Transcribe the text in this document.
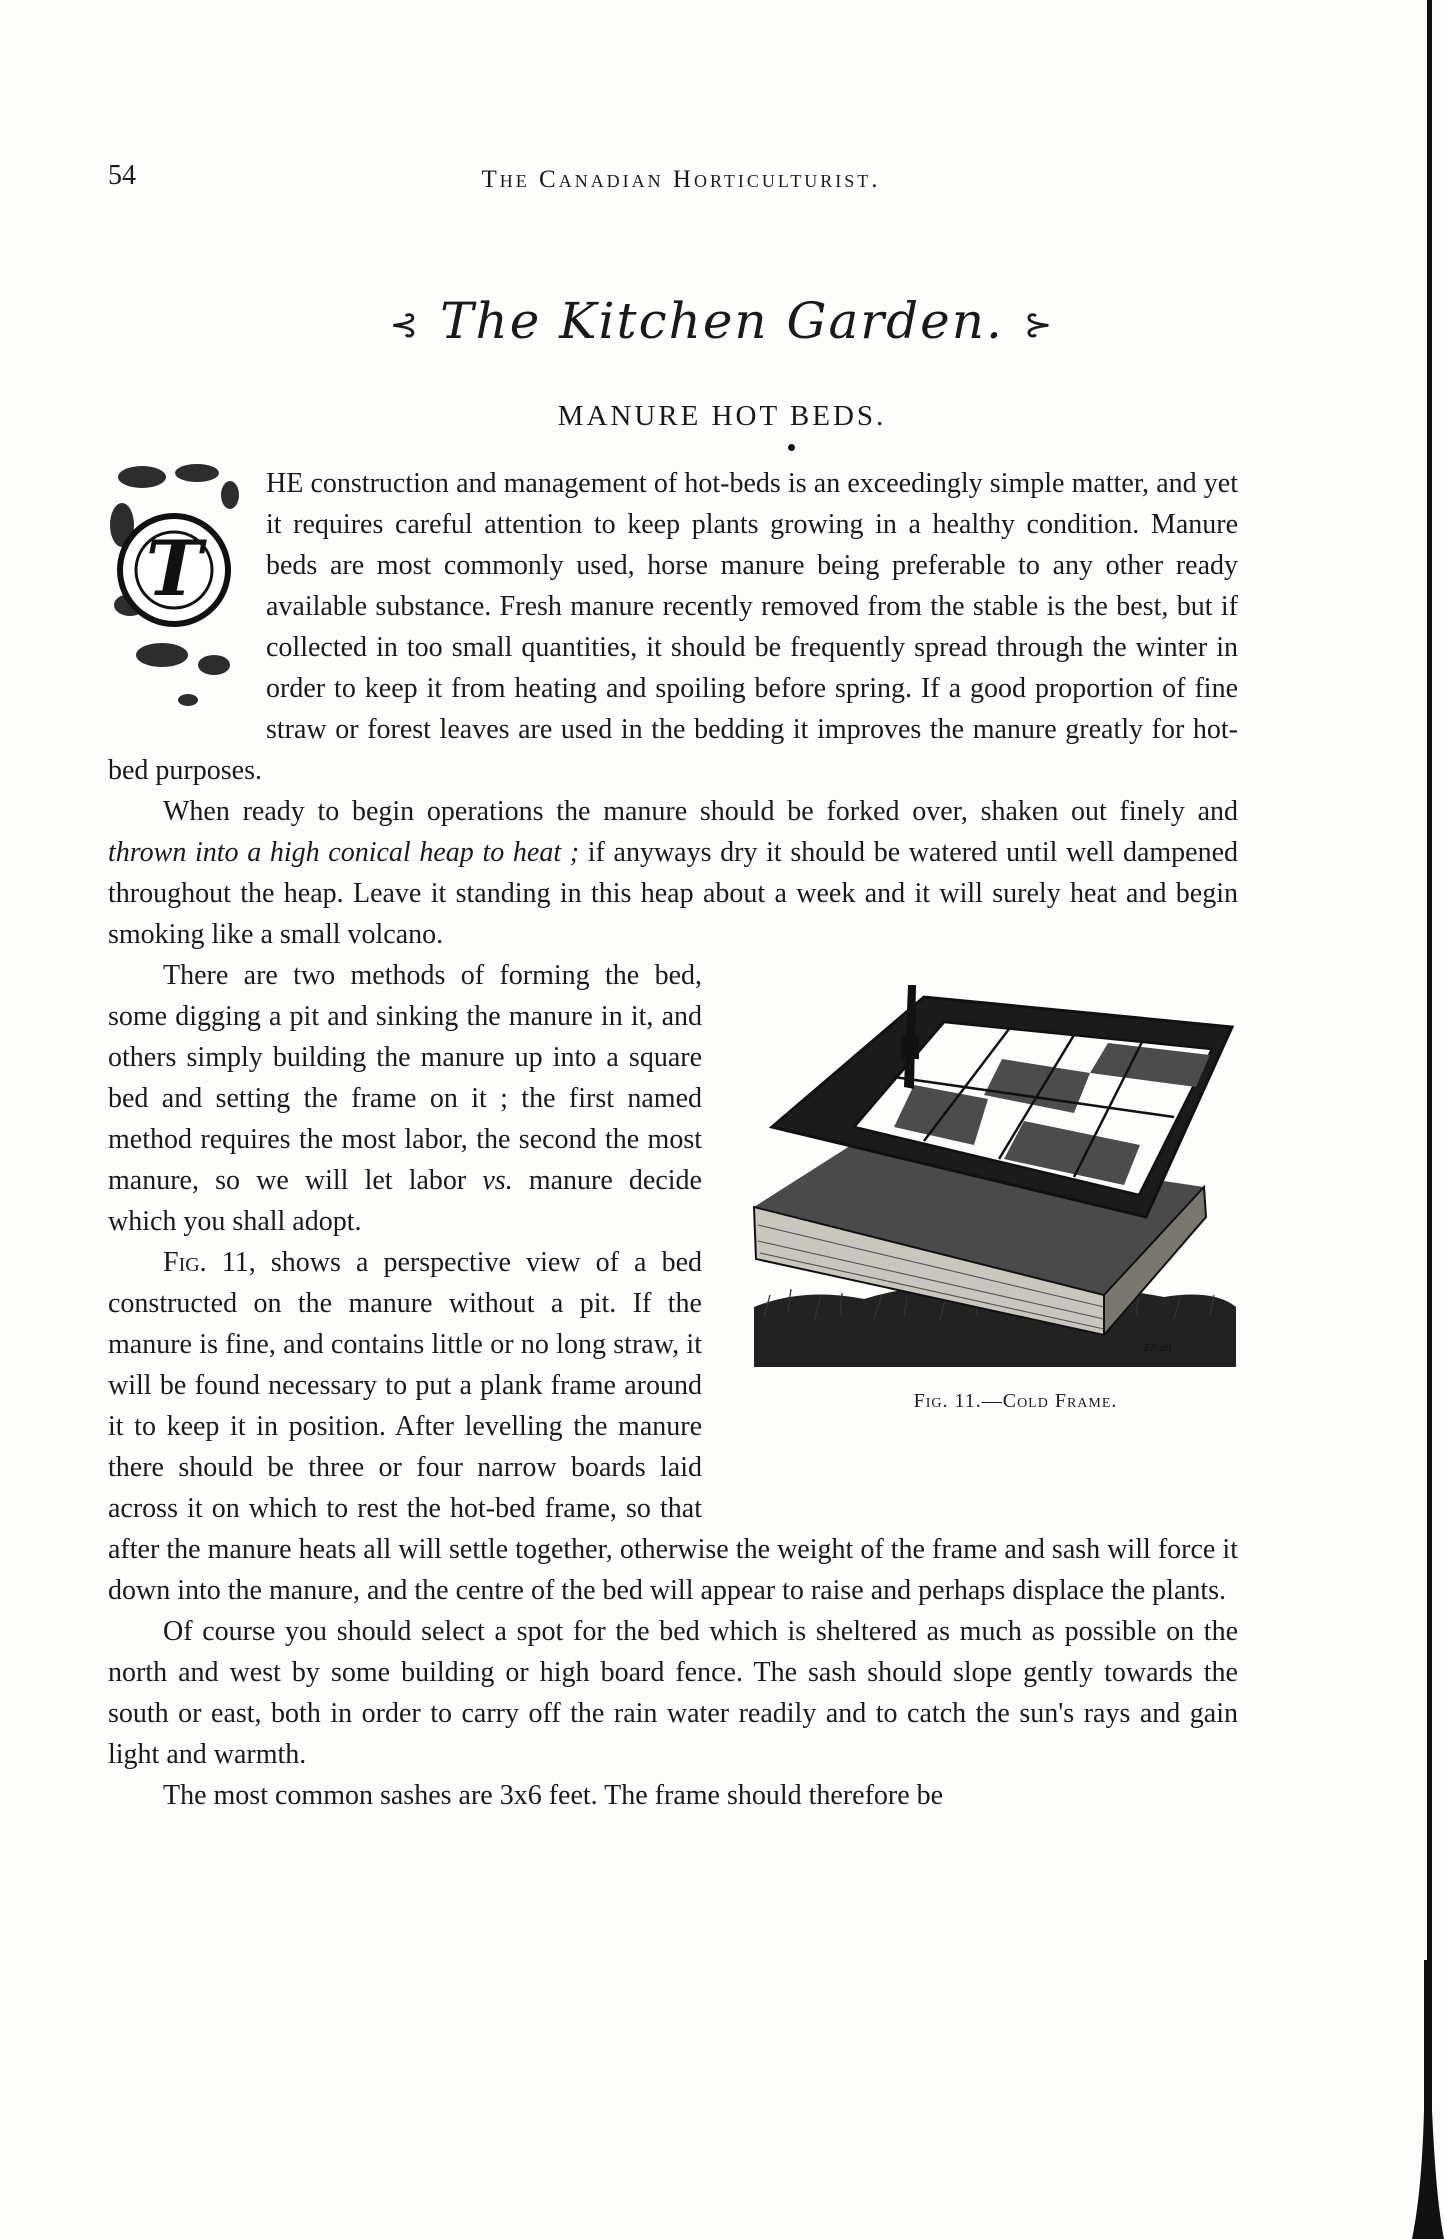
54	The Canadian Horticulturist.
⊰ The Kitchen Garden. ⊱
MANURE HOT BEDS.
T

HE construction and management of hot-beds is an exceedingly simple matter, and yet it requires careful attention to keep plants growing in a healthy condition. Manure beds are most commonly used, horse manure being preferable to any other ready available substance. Fresh manure recently removed from the stable is the best, but if collected in too small quantities, it should be frequently spread through the winter in order to keep it from heating and spoiling before spring. If a good proportion of fine straw or forest leaves are used in the bedding it improves the manure greatly for hot-bed purposes.

When ready to begin operations the manure should be forked over, shaken out finely and thrown into a high conical heap to heat ; if anyways dry it should be watered until well dampened throughout the heap. Leave it standing in this heap about a week and it will surely heat and begin smoking like a small volcano.

Elliott
Fig. 11.—Cold Frame.
There are two methods of forming the bed, some digging a pit and sinking the manure in it, and others simply building the manure up into a square bed and setting the frame on it ; the first named method requires the most labor, the second the most manure, so we will let labor vs. manure decide which you shall adopt.

Fig. 11, shows a perspective view of a bed constructed on the manure without a pit. If the manure is fine, and contains little or no long straw, it will be found necessary to put a plank frame around it to keep it in position. After levelling the manure there should be three or four narrow boards laid across it on which to rest the hot-bed frame, so that after the manure heats all will settle together, otherwise the weight of the frame and sash will force it down into the manure, and the centre of the bed will appear to raise and perhaps displace the plants.

Of course you should select a spot for the bed which is sheltered as much as possible on the north and west by some building or high board fence. The sash should slope gently towards the south or east, both in order to carry off the rain water readily and to catch the sun's rays and gain light and warmth.

The most common sashes are 3x6 feet. The frame should therefore be
